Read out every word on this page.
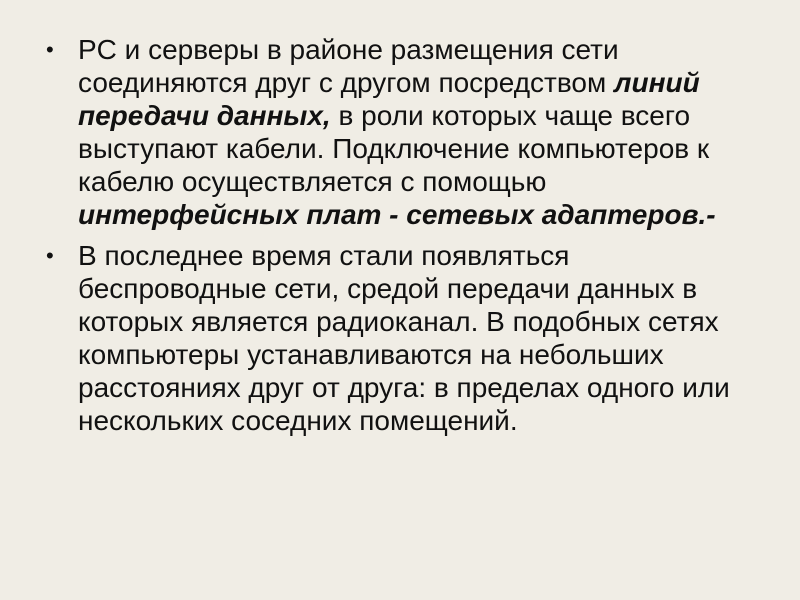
• PC и серверы в районе размещения сети соединяются друг с другом посредством линий передачи данных, в роли которых чаще всего выступают кабели. Подключение компьютеров к кабелю осуществляется с помощью интерфейсных плат - сетевых адаптеров.-
• В последнее время стали появляться беспроводные сети, средой передачи данных в которых является радиоканал. В подобных сетях компьютеры устанавливаются на небольших расстояниях друг от друга: в пределах одного или нескольких соседних помещений.
